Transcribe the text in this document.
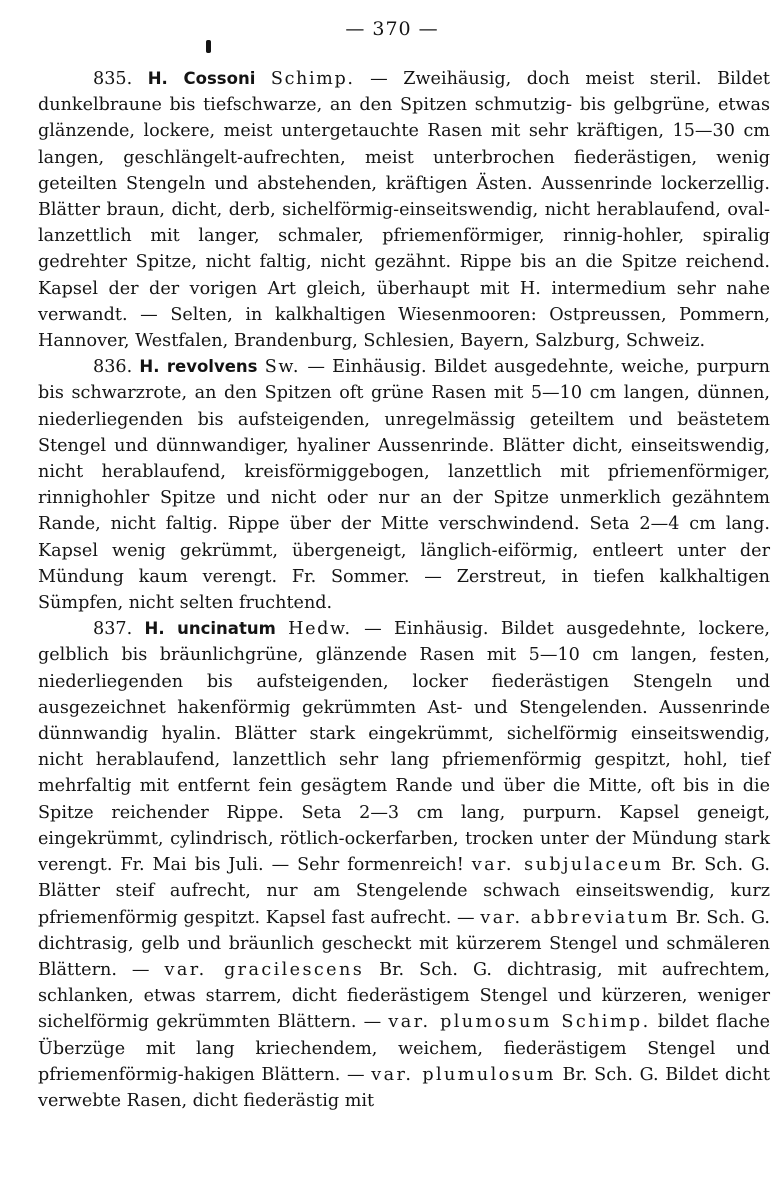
— 370 —

835. H. Cossoni Schimp. — Zweihäusig, doch meist steril. Bildet dunkelbraune bis tiefschwarze, an den Spitzen schmutzig- bis gelbgrüne, etwas glänzende, lockere, meist untergetauchte Rasen mit sehr kräftigen, 15—30 cm langen, geschlängelt-aufrechten, meist unterbrochen fiederästigen, wenig geteilten Stengeln und abstehenden, kräftigen Ästen. Aussenrinde lockerzellig. Blätter braun, dicht, derb, sichelförmig-einseitswendig, nicht herablaufend, oval-lanzettlich mit langer, schmaler, pfriemenförmiger, rinnig-hohler, spiralig gedrehter Spitze, nicht faltig, nicht gezähnt. Rippe bis an die Spitze reichend. Kapsel der der vorigen Art gleich, überhaupt mit H. intermedium sehr nahe verwandt. — Selten, in kalkhaltigen Wiesenmooren: Ostpreussen, Pommern, Hannover, Westfalen, Brandenburg, Schlesien, Bayern, Salzburg, Schweiz.

836. H. revolvens Sw. — Einhäusig. Bildet ausgedehnte, weiche, purpurn bis schwarzrote, an den Spitzen oft grüne Rasen mit 5—10 cm langen, dünnen, niederliegenden bis aufsteigenden, unregelmässig geteiltem und beästetem Stengel und dünnwandiger, hyaliner Aussenrinde. Blätter dicht, einseitswendig, nicht herablaufend, kreisförmiggebogen, lanzettlich mit pfriemenförmiger, rinnighohler Spitze und nicht oder nur an der Spitze unmerklich gezähntem Rande, nicht faltig. Rippe über der Mitte verschwindend. Seta 2—4 cm lang. Kapsel wenig gekrümmt, übergeneigt, länglich-eiförmig, entleert unter der Mündung kaum verengt. Fr. Sommer. — Zerstreut, in tiefen kalkhaltigen Sümpfen, nicht selten fruchtend.

837. H. uncinatum Hedw. — Einhäusig. Bildet ausgedehnte, lockere, gelblich bis bräunlichgrüne, glänzende Rasen mit 5—10 cm langen, festen, niederliegenden bis aufsteigenden, locker fiederästigen Stengeln und ausgezeichnet hakenförmig gekrümmten Ast- und Stengelenden. Aussenrinde dünnwandig hyalin. Blätter stark eingekrümmt, sichelförmig einseitswendig, nicht herablaufend, lanzettlich sehr lang pfriemenförmig gespitzt, hohl, tief mehrfaltig mit entfernt fein gesägtem Rande und über die Mitte, oft bis in die Spitze reichender Rippe. Seta 2—3 cm lang, purpurn. Kapsel geneigt, eingekrümmt, cylindrisch, rötlich-ockerfarben, trocken unter der Mündung stark verengt. Fr. Mai bis Juli. — Sehr formenreich! var. subjulaceum Br. Sch. G. Blätter steif aufrecht, nur am Stengelende schwach einseitswendig, kurz pfriemenförmig gespitzt. Kapsel fast aufrecht. — var. abbreviatum Br. Sch. G. dichtrasig, gelb und bräunlich gescheckt mit kürzerem Stengel und schmäleren Blättern. — var. gracilescens Br. Sch. G. dichtrasig, mit aufrechtem, schlanken, etwas starrem, dicht fiederästigem Stengel und kürzeren, weniger sichelförmig gekrümmten Blättern. — var. plumosum Schimp. bildet flache Überzüge mit lang kriechendem, weichem, fiederästigem Stengel und pfriemenförmig-hakigen Blättern. — var. plumulosum Br. Sch. G. Bildet dicht verwebte Rasen, dicht fiederästig mit
